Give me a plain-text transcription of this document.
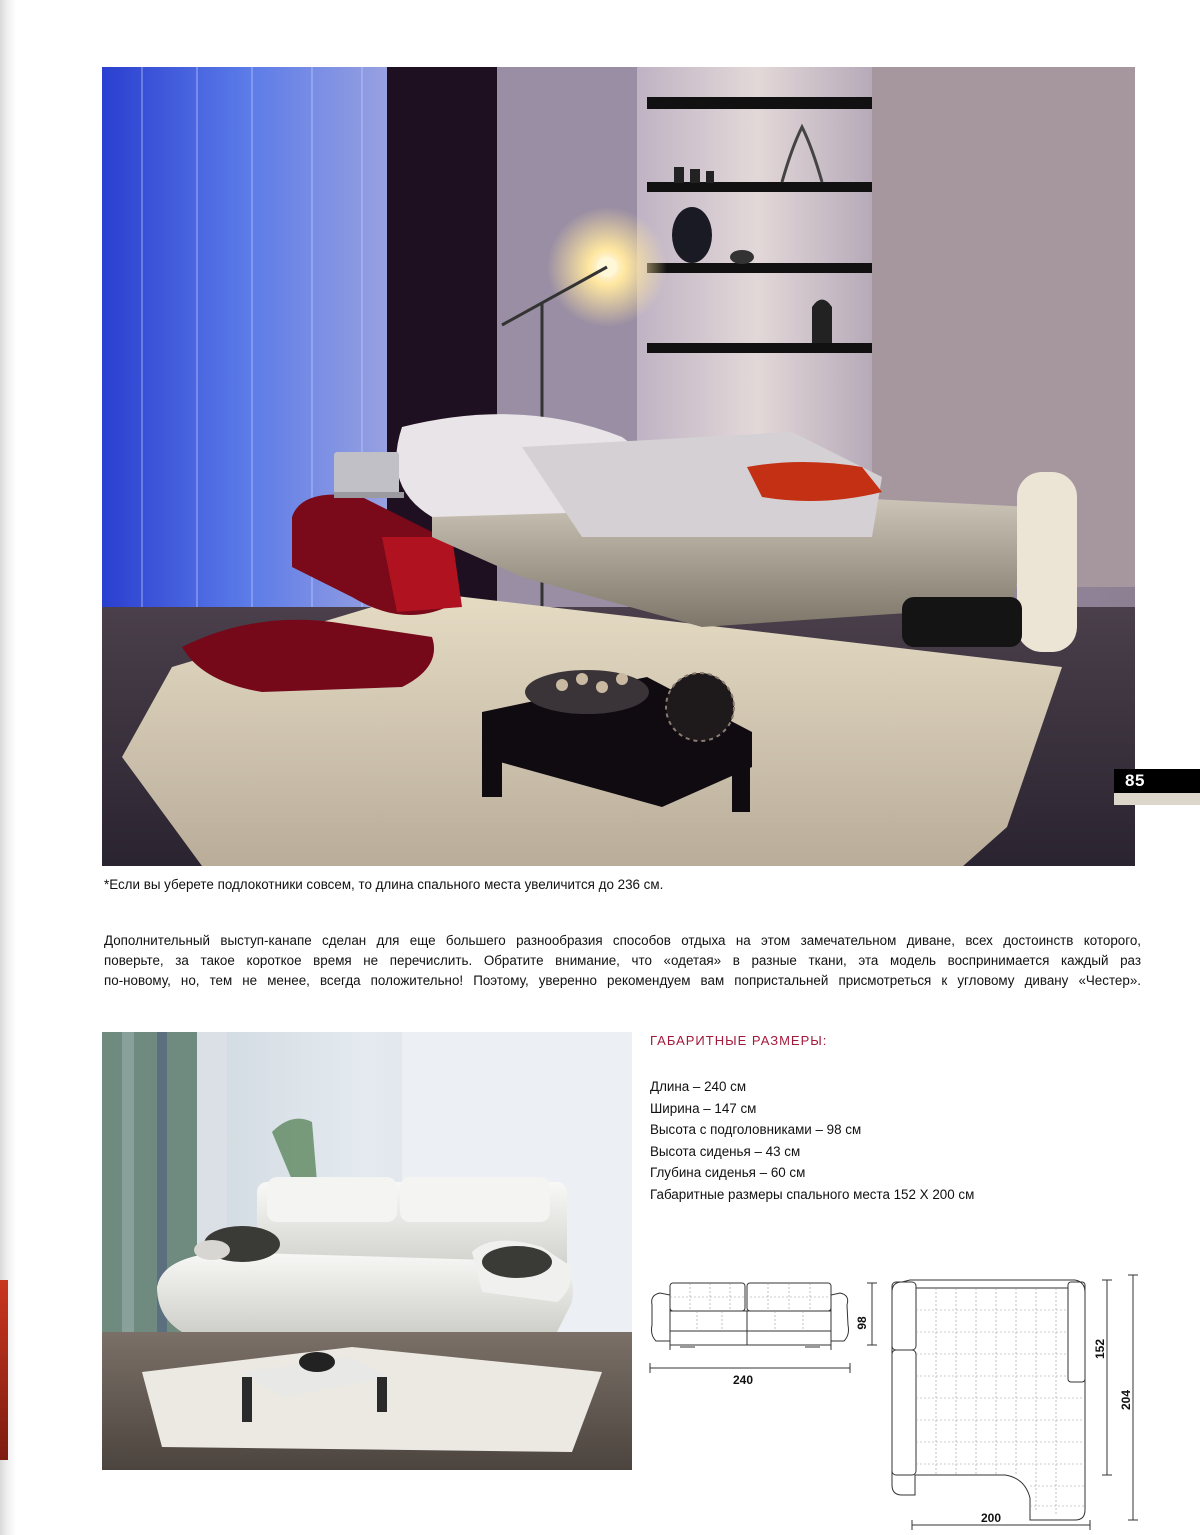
85
*Если вы уберете подлокотники совсем, то длина спального места увеличится до 236 см.
Дополнительный выступ-канапе сделан для еще большего разнообразия способов отдыха на этом замечательном диване, всех достоинств которого,
поверьте, за такое короткое время не перечислить. Обратите внимание, что «одетая» в разные ткани, эта модель воспринимается каждый раз
по-новому, но, тем не менее, всегда положительно! Поэтому, уверенно рекомендуем вам попристальней присмотреться к угловому дивану «Честер».
ГАБАРИТНЫЕ РАЗМЕРЫ:
Длина – 240 см
Ширина – 147 см
Высота с подголовниками – 98 см
Высота сиденья – 43 см
Глубина сиденья – 60 см
Габаритные размеры спального места 152 Х 200 см
240
98
152
204
200
